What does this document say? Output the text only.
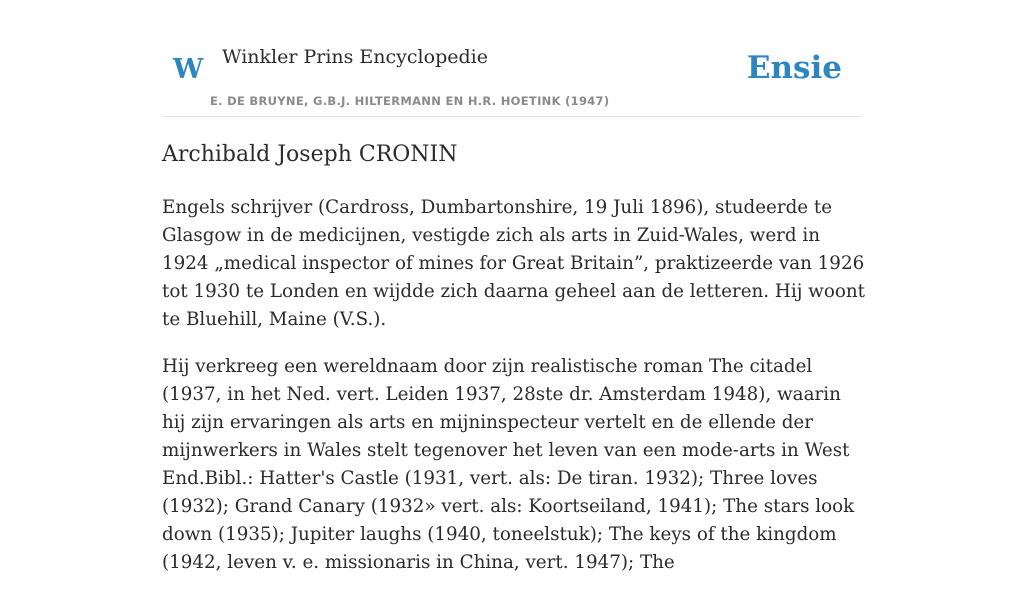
W Winkler Prins Encyclopedie
E. DE BRUYNE, G.B.J. HILTERMANN EN H.R. HOETINK (1947)
Ensie
Archibald Joseph CRONIN

Engels schrijver (Cardross, Dumbartonshire, 19 Juli 1896), studeerde te Glasgow in de medicijnen, vestigde zich als arts in Zuid-Wales, werd in 1924 „medical inspector of mines for Great Britain”, praktizeerde van 1926 tot 1930 te Londen en wijdde zich daarna geheel aan de letteren. Hij woont te Bluehill, Maine (V.S.).

Hij verkreeg een wereldnaam door zijn realistische roman The citadel (1937, in het Ned. vert. Leiden 1937, 28ste dr. Amsterdam 1948), waarin hij zijn ervaringen als arts en mijninspecteur vertelt en de ellende der mijnwerkers in Wales stelt tegenover het leven van een mode-arts in West End.Bibl.: Hatter's Castle (1931, vert. als: De tiran. 1932); Three loves (1932); Grand Canary (1932» vert. als: Koortseiland, 1941); The stars look down (1935); Jupiter laughs (1940, toneelstuk); The keys of the kingdom (1942, leven v. e. missionaris in China, vert. 1947); The
